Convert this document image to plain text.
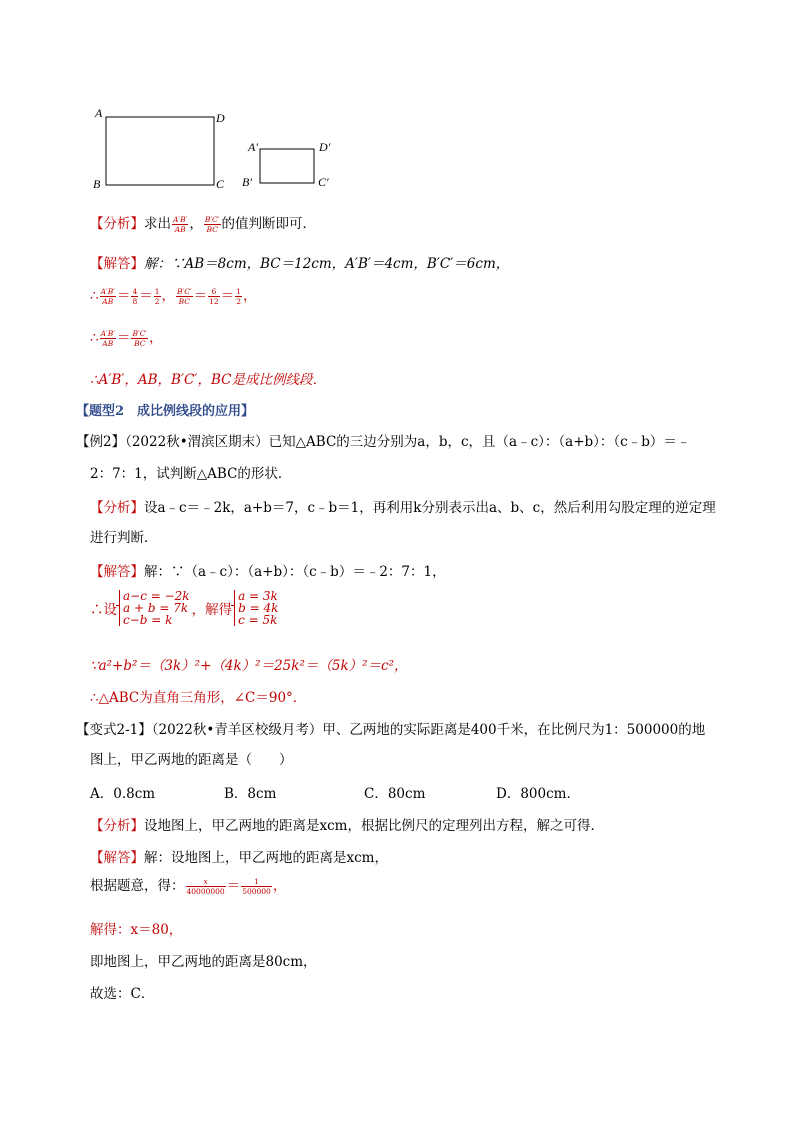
A
B	C
D
A′
B′	C′
D′
【分析】求出 $\frac{A'B'}{AB}$ ， $\frac{B'C'}{BC}$ 的值判断即可．
【解答】解：∵AB＝8cm，BC＝12cm，A′B′＝4cm，B′C′＝6cm，
∴ $\frac{A'B'}{AB} = \frac{4}{8} = \frac{1}{2}$ ， $\frac{B'C'}{BC} = \frac{6}{12} = \frac{1}{2}$ ，
∴ $\frac{A'B'}{AB} = \frac{B'C'}{BC}$ ，
∴A′B′，AB，B′C′，BC是成比例线段．
【题型2　成比例线段的应用】
【例2】（2022秋•渭滨区期末）已知△ABC的三边分别为a，b，c，且（a﹣c）：（a+b）：（c﹣b）＝﹣
2：7：1，试判断△ABC的形状．
【分析】设a﹣c＝﹣2k，a+b＝7，c﹣b＝1，再利用k分别表示出a、b、c，然后利用勾股定理的逆定理
进行判断．
【解答】解：∵（a﹣c）：（a+b）：（c﹣b）＝﹣2：7：1，
∴设
a−c = −2k
a + b = 7k
c−b = k
，解得
a = 3k
b = 4k
c = 5k
∵a²+b²＝（3k）²+（4k）²＝25k²＝（5k）²＝c²，
∴△ABC为直角三角形，∠C＝90°．
【变式2-1】（2022秋•青羊区校级月考）甲、乙两地的实际距离是400千米，在比例尺为1：500000的地
图上，甲乙两地的距离是（　　）
A．0.8cm	B．8cm	C．80cm	D．800cm．
【分析】设地图上，甲乙两地的距离是xcm，根据比例尺的定理列出方程，解之可得．
【解答】解：设地图上，甲乙两地的距离是xcm，
根据题意，得： $\frac{x}{40000000} = \frac{1}{500000}$ ，
解得：x＝80，
即地图上，甲乙两地的距离是80cm，
故选：C．
